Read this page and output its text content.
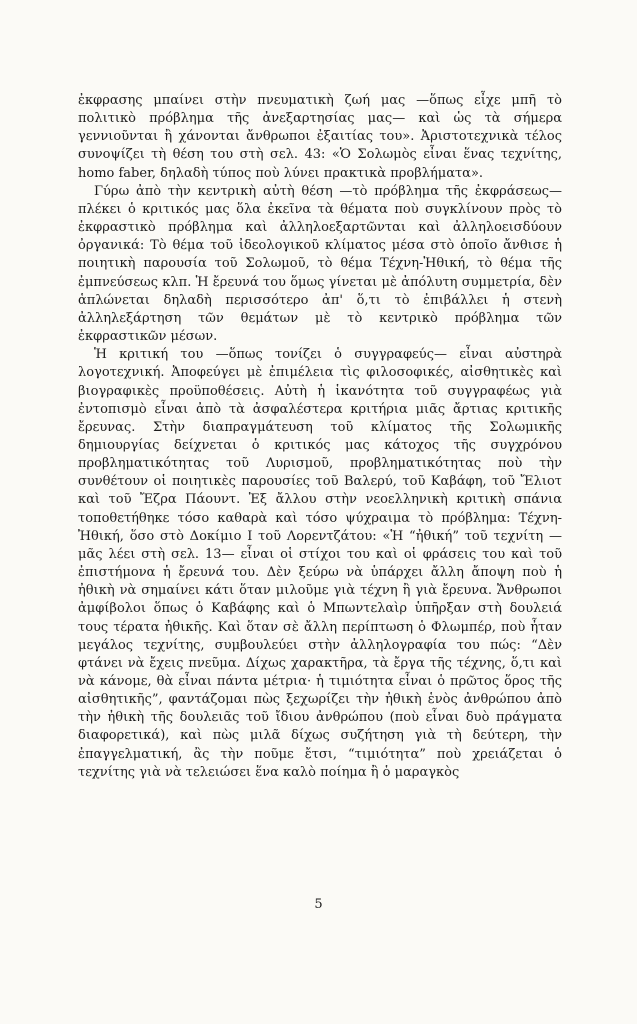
ἐκφρασης μπαίνει στὴν πνευματικὴ ζωή μας —ὅπως εἶχε μπῆ τὸ πολιτικὸ πρόβλημα τῆς ἀνεξαρτησίας μας— καὶ ὡς τὰ σήμερα γεννιοῦνται ἢ χάνονται ἄνθρωποι ἐξαιτίας του». Ἀριστοτεχνικὰ τέλος συνοψίζει τὴ θέση του στὴ σελ. 43: «Ὁ Σολωμὸς εἶναι ἕνας τεχνίτης, homo faber, δηλαδὴ τύπος ποὺ λύνει πρακτικὰ προβλήματα».

Γύρω ἀπὸ τὴν κεντρικὴ αὐτὴ θέση —τὸ πρόβλημα τῆς ἐκφράσεως— πλέκει ὁ κριτικός μας ὅλα ἐκεῖνα τὰ θέματα ποὺ συγκλίνουν πρὸς τὸ ἐκφραστικὸ πρόβλημα καὶ ἀλληλοεξαρτῶνται καὶ ἀλληλοεισδύουν ὀργανικά: Τὸ θέμα τοῦ ἰδεολογικοῦ κλίματος μέσα στὸ ὁποῖο ἄνθισε ἡ ποιητικὴ παρουσία τοῦ Σολωμοῦ, τὸ θέμα Τέχνη-Ἠθική, τὸ θέμα τῆς ἐμπνεύσεως κλπ. Ἡ ἔρευνά του ὅμως γίνεται μὲ ἀπόλυτη συμμετρία, δὲν ἁπλώνεται δηλαδὴ περισσότερο ἀπ' ὅ,τι τὸ ἐπιβάλλει ἡ στενὴ ἀλληλεξάρτηση τῶν θεμάτων μὲ τὸ κεντρικὸ πρόβλημα τῶν ἐκφραστικῶν μέσων.

Ἡ κριτική του —ὅπως τονίζει ὁ συγγραφεύς— εἶναι αὐστηρὰ λογοτεχνική. Ἀποφεύγει μὲ ἐπιμέλεια τὶς φιλοσοφικές, αἰσθητικὲς καὶ βιογραφικὲς προϋποθέσεις. Αὐτὴ ἡ ἱκανότητα τοῦ συγγραφέως γιὰ ἐντοπισμὸ εἶναι ἀπὸ τὰ ἀσφαλέστερα κριτήρια μιᾶς ἄρτιας κριτικῆς ἔρευνας. Στὴν διαπραγμάτευση τοῦ κλίματος τῆς Σολωμικῆς δημιουργίας δείχνεται ὁ κριτικός μας κάτοχος τῆς συγχρόνου προβληματικότητας τοῦ Λυρισμοῦ, προβληματικότητας ποὺ τὴν συνθέτουν οἱ ποιητικὲς παρουσίες τοῦ Βαλερύ, τοῦ Καβάφη, τοῦ Ἔλιοτ καὶ τοῦ Ἔζρα Πάουντ. Ἐξ ἄλλου στὴν νεοελληνικὴ κριτικὴ σπάνια τοποθετήθηκε τόσο καθαρὰ καὶ τόσο ψύχραιμα τὸ πρόβλημα: Τέχνη-Ἠθική, ὅσο στὸ Δοκίμιο Ι τοῦ Λορεντζάτου: «Ἡ “ἠθική” τοῦ τεχνίτη —μᾶς λέει στὴ σελ. 13— εἶναι οἱ στίχοι του καὶ οἱ φράσεις του καὶ τοῦ ἐπιστήμονα ἡ ἔρευνά του. Δὲν ξεύρω νὰ ὑπάρχει ἄλλη ἄποψη ποὺ ἡ ἠθικὴ νὰ σημαίνει κάτι ὅταν μιλοῦμε γιὰ τέχνη ἢ γιὰ ἔρευνα. Ἄνθρωποι ἀμφίβολοι ὅπως ὁ Καβάφης καὶ ὁ Μπωντελαὶρ ὑπῆρξαν στὴ δουλειά τους τέρατα ἠθικῆς. Καὶ ὅταν σὲ ἄλλη περίπτωση ὁ Φλωμπέρ, ποὺ ἦταν μεγάλος τεχνίτης, συμβουλεύει στὴν ἀλληλογραφία του πώς: “Δὲν φτάνει νὰ ἔχεις πνεῦμα. Δίχως χαρακτῆρα, τὰ ἔργα τῆς τέχνης, ὅ,τι καὶ νὰ κάνομε, θὰ εἶναι πάντα μέτρια· ἡ τιμιότητα εἶναι ὁ πρῶτος ὅρος τῆς αἰσθητικῆς”, φαντάζομαι πὼς ξεχωρίζει τὴν ἠθικὴ ἑνὸς ἀνθρώπου ἀπὸ τὴν ἠθικὴ τῆς δουλειᾶς τοῦ ἴδιου ἀνθρώπου (ποὺ εἶναι δυὸ πράγματα διαφορετικά), καὶ πὼς μιλᾶ δίχως συζήτηση γιὰ τὴ δεύτερη, τὴν ἐπαγγελματική, ἂς τὴν ποῦμε ἔτσι, “τιμιότητα” ποὺ χρειάζεται ὁ τεχνίτης γιὰ νὰ τελειώσει ἕνα καλὸ ποίημα ἢ ὁ μαραγκὸς

5
